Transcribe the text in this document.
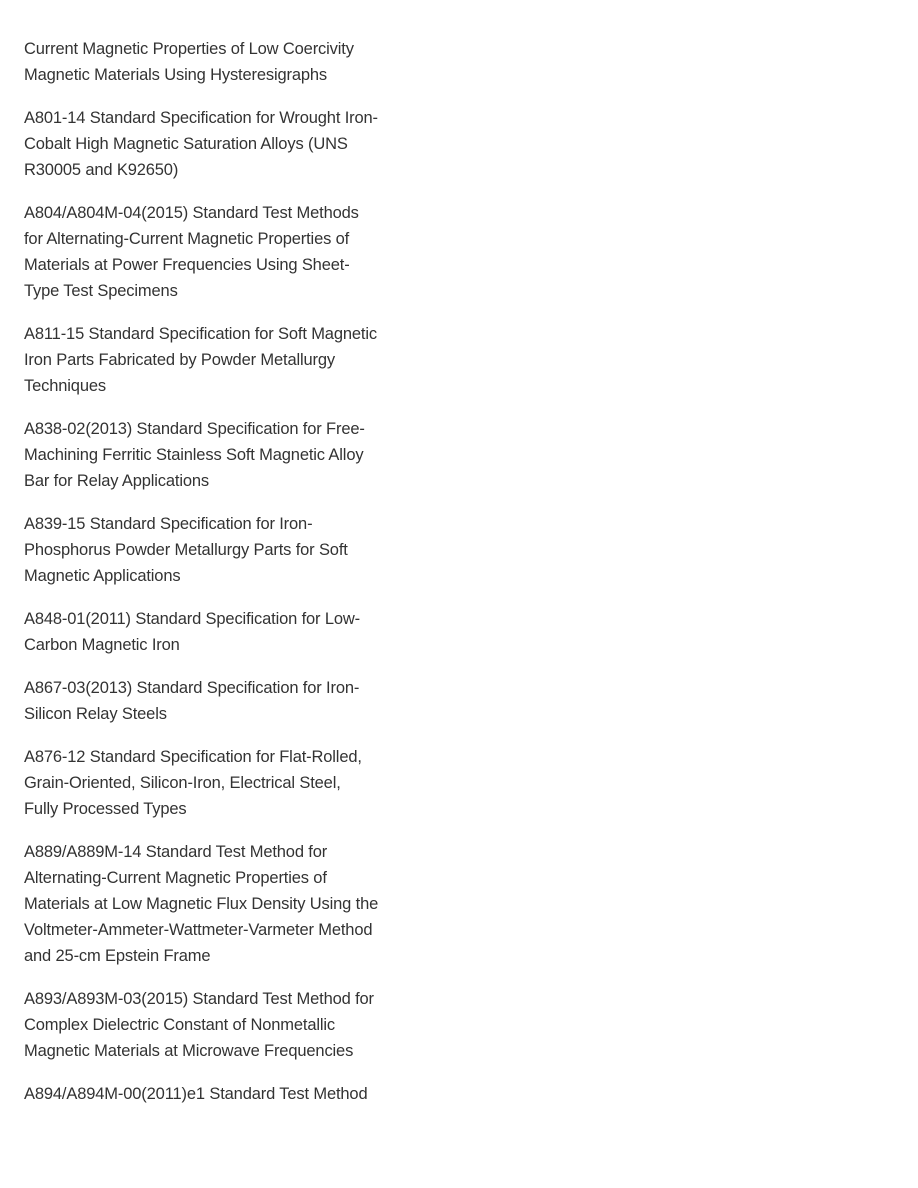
Current Magnetic Properties of Low Coercivity
Magnetic Materials Using Hysteresigraphs

A801-14 Standard Specification for Wrought Iron-
Cobalt High Magnetic Saturation Alloys (UNS
R30005 and K92650)

A804/A804M-04(2015) Standard Test Methods
for Alternating-Current Magnetic Properties of
Materials at Power Frequencies Using Sheet-
Type Test Specimens

A811-15 Standard Specification for Soft Magnetic
Iron Parts Fabricated by Powder Metallurgy
Techniques

A838-02(2013) Standard Specification for Free-
Machining Ferritic Stainless Soft Magnetic Alloy
Bar for Relay Applications

A839-15 Standard Specification for Iron-
Phosphorus Powder Metallurgy Parts for Soft
Magnetic Applications

A848-01(2011) Standard Specification for Low-
Carbon Magnetic Iron

A867-03(2013) Standard Specification for Iron-
Silicon Relay Steels

A876-12 Standard Specification for Flat-Rolled,
Grain-Oriented, Silicon-Iron, Electrical Steel,
Fully Processed Types

A889/A889M-14 Standard Test Method for
Alternating-Current Magnetic Properties of
Materials at Low Magnetic Flux Density Using the
Voltmeter-Ammeter-Wattmeter-Varmeter Method
and 25-cm Epstein Frame

A893/A893M-03(2015) Standard Test Method for
Complex Dielectric Constant of Nonmetallic
Magnetic Materials at Microwave Frequencies

A894/A894M-00(2011)e1 Standard Test Method
